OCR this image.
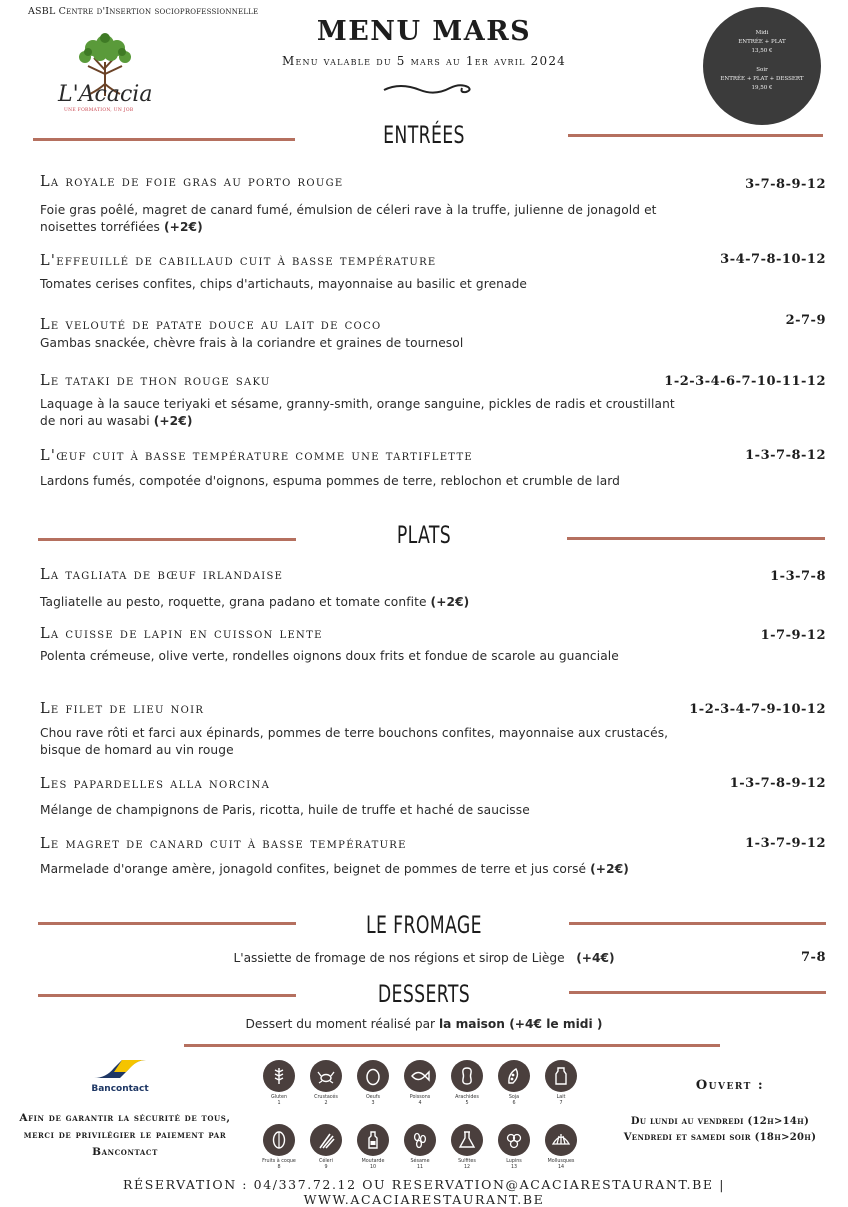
ASBL Centre d'Insertion socioprofessionnelle
L'Acacia
UNE FORMATION, UN JOB
MENU MARS
Menu valable du 5 mars au 1er avril 2024
Midi
ENTRÉE + PLAT
13,50 €
Soir
ENTRÉE + PLAT + DESSERT
19,50 €
ENTRÉES
La royale de foie gras au porto rouge	3-7-8-9-12
Foie gras poêlé, magret de canard fumé, émulsion de céleri rave à la truffe, julienne de jonagold et noisettes torréfiées (+2€)
L'effeuillé de cabillaud cuit à basse température	3-4-7-8-10-12
Tomates cerises confites, chips d'artichauts, mayonnaise au basilic et grenade
Le velouté de patate douce au lait de coco	2-7-9
Gambas snackée, chèvre frais à la coriandre et graines de tournesol
Le tataki de thon rouge saku	1-2-3-4-6-7-10-11-12
Laquage à la sauce teriyaki et sésame, granny-smith, orange sanguine, pickles de radis et croustillant de nori au wasabi (+2€)
L'œuf cuit à basse température comme une tartiflette	1-3-7-8-12
Lardons fumés, compotée d'oignons, espuma pommes de terre, reblochon et crumble de lard
PLATS
La tagliata de bœuf irlandaise	1-3-7-8
Tagliatelle au pesto, roquette, grana padano et tomate confite (+2€)
La cuisse de lapin en cuisson lente	1-7-9-12
Polenta crémeuse, olive verte, rondelles oignons doux frits et fondue de scarole au guanciale
Le filet de lieu noir	1-2-3-4-7-9-10-12
Chou rave rôti et farci aux épinards, pommes de terre bouchons confites, mayonnaise aux crustacés, bisque de homard au vin rouge
Les papardelles alla norcina	1-3-7-8-9-12
Mélange de champignons de Paris, ricotta, huile de truffe et haché de saucisse
Le magret de canard cuit à basse température	1-3-7-9-12
Marmelade d'orange amère, jonagold confites, beignet de pommes de terre et jus corsé (+2€)
LE FROMAGE
L'assiette de fromage de nos régions et sirop de Liège (+4€)	7-8
DESSERTS
Dessert du moment réalisé par la maison (+4€ le midi )
Bancontact
Afin de garantir la sécurité de tous, merci de privilégier le paiement par Bancontact
Gluten
1
Crustacés
2
Oeufs
3
Poissons
4
Arachides
5
Soja
6
Lait
7
Fruits à coque
8
Céleri
9
Moutarde
10
Sésame
11
Sulfites
12
Lupins
13
Mollusques
14
Ouvert :
Du lundi au vendredi (12h>14h)
Vendredi et samedi soir (18h>20h)
RÉSERVATION : 04/337.72.12 OU RESERVATION@ACACIARESTAURANT.BE | WWW.ACACIARESTAURANT.BE
